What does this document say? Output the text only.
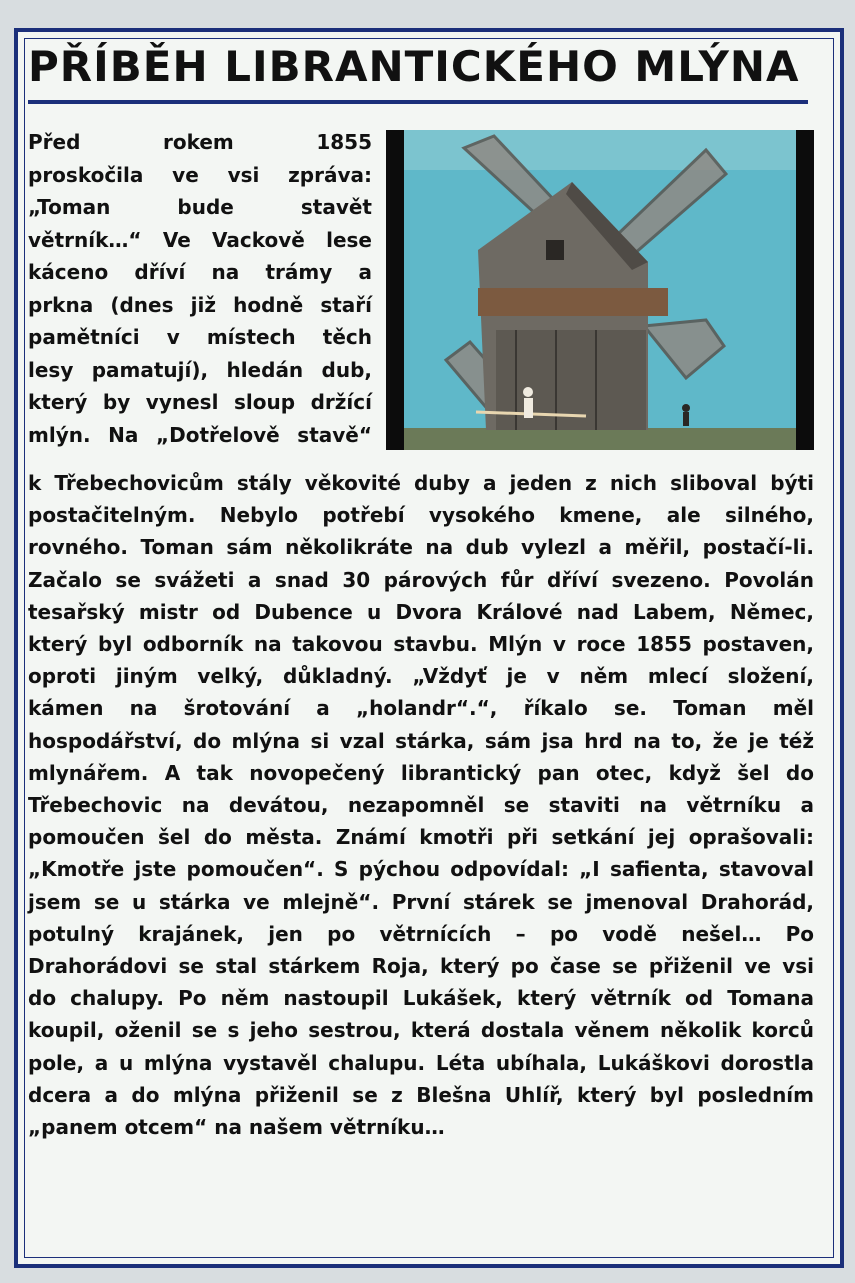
PŘÍBĚH LIBRANTICKÉHO MLÝNA
Před rokem 1855
proskočila ve vsi zpráva:
„Toman bude stavět
větrník…“ Ve Vackově lese
káceno dříví na trámy a
prkna (dnes již hodně staří
pamětníci v místech těch
lesy pamatují), hledán dub,
který by vynesl sloup držící
mlýn. Na „Dotřelově stavě“
k Třebechovicům stály věkovité duby a jeden z nich sliboval býti
postačitelným. Nebylo potřebí vysokého kmene, ale silného,
rovného. Toman sám několikráte na dub vylezl a měřil, postačí-li.
Začalo se svážeti a snad 30 párových fůr dříví svezeno. Povolán
tesařský mistr od Dubence u Dvora Králové nad Labem, Němec,
který byl odborník na takovou stavbu. Mlýn v roce 1855 postaven,
oproti jiným velký, důkladný. „Vždyť je v něm mlecí složení,
kámen na šrotování a „holandr“.“, říkalo se. Toman měl
hospodářství, do mlýna si vzal stárka, sám jsa hrd na to, že je též
mlynářem. A tak novopečený librantický pan otec, když šel do
Třebechovic na devátou, nezapomněl se staviti na větrníku a
pomoučen šel do města. Známí kmotři při setkání jej oprašovali:
„Kmotře jste pomoučen“. S pýchou odpovídal: „I safienta, stavoval
jsem se u stárka ve mlejně“. První stárek se jmenoval Drahorád,
potulný krajánek, jen po větrnících – po vodě nešel… Po
Drahorádovi se stal stárkem Roja, který po čase se přiženil ve vsi
do chalupy. Po něm nastoupil Lukášek, který větrník od Tomana
koupil, oženil se s jeho sestrou, která dostala věnem několik korců
pole, a u mlýna vystavěl chalupu. Léta ubíhala, Lukáškovi dorostla
dcera a do mlýna přiženil se z Blešna Uhlíř, který byl posledním
„panem otcem“ na našem větrníku…
